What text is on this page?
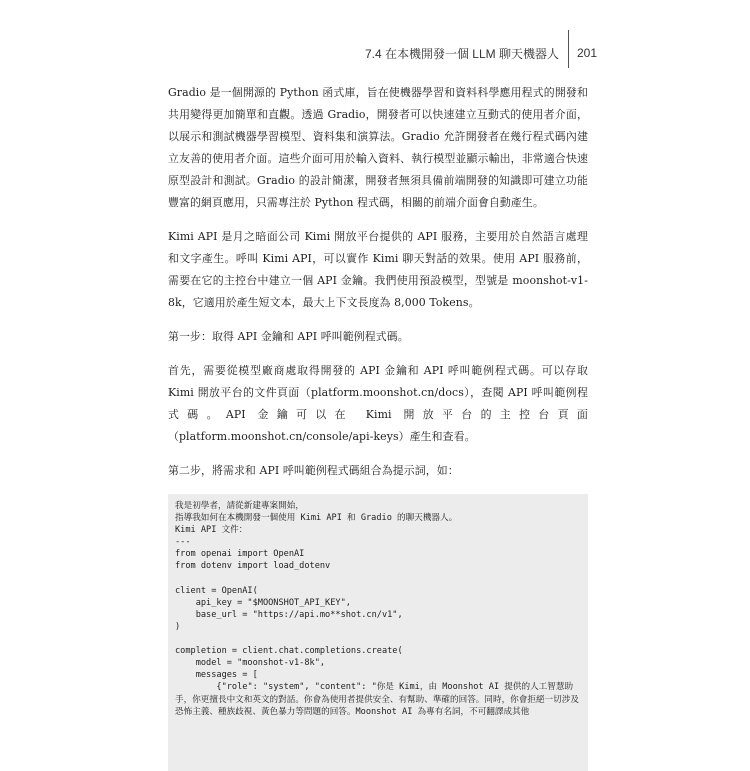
7.4 在本機開發一個 LLM 聊天機器人	201

Gradio 是一個開源的 Python 函式庫，旨在使機器學習和資料科學應用程式的開發和共用變得更加簡單和直觀。透過 Gradio，開發者可以快速建立互動式的使用者介面，以展示和測試機器學習模型、資料集和演算法。Gradio 允許開發者在幾行程式碼內建立友善的使用者介面。這些介面可用於輸入資料、執行模型並顯示輸出，非常適合快速原型設計和測試。Gradio 的設計簡潔，開發者無須具備前端開發的知識即可建立功能豐富的網頁應用，只需專注於 Python 程式碼，相關的前端介面會自動產生。

Kimi API 是月之暗面公司 Kimi 開放平台提供的 API 服務，主要用於自然語言處理和文字產生。呼叫 Kimi API，可以實作 Kimi 聊天對話的效果。使用 API 服務前，需要在它的主控台中建立一個 API 金鑰。我們使用預設模型，型號是 moonshot-v1-8k，它適用於產生短文本，最大上下文長度為 8,000 Tokens。

第一步：取得 API 金鑰和 API 呼叫範例程式碼。

首先，需要從模型廠商處取得開發的 API 金鑰和 API 呼叫範例程式碼。可以存取 Kimi 開放平台的文件頁面（platform.moonshot.cn/docs），查閱 API 呼叫範例程式碼。API 金鑰可以在 Kimi 開放平台的主控台頁面（platform.moonshot.cn/console/api-keys）產生和查看。

第二步，將需求和 API 呼叫範例程式碼組合為提示詞，如：

我是初學者，請從新建專案開始，
指導我如何在本機開發一個使用 Kimi API 和 Gradio 的聊天機器人。
Kimi API 文件：
---
from openai import OpenAI
from dotenv import load_dotenv
client = OpenAI(
api_key = "$MOONSHOT_API_KEY",
base_url = "https://api.mo**shot.cn/v1",
)
completion = client.chat.completions.create(
model = "moonshot-v1-8k",
messages = [
{"role": "system", "content": "你是 Kimi，由 Moonshot AI 提供的人工智慧助手，你更擅長中文和英文的對話。你會為使用者提供安全、有幫助、準確的回答。同時，你會拒絕一切涉及恐怖主義、種族歧視、黃色暴力等問題的回答。Moonshot AI 為專有名詞，不可翻譯成其他
